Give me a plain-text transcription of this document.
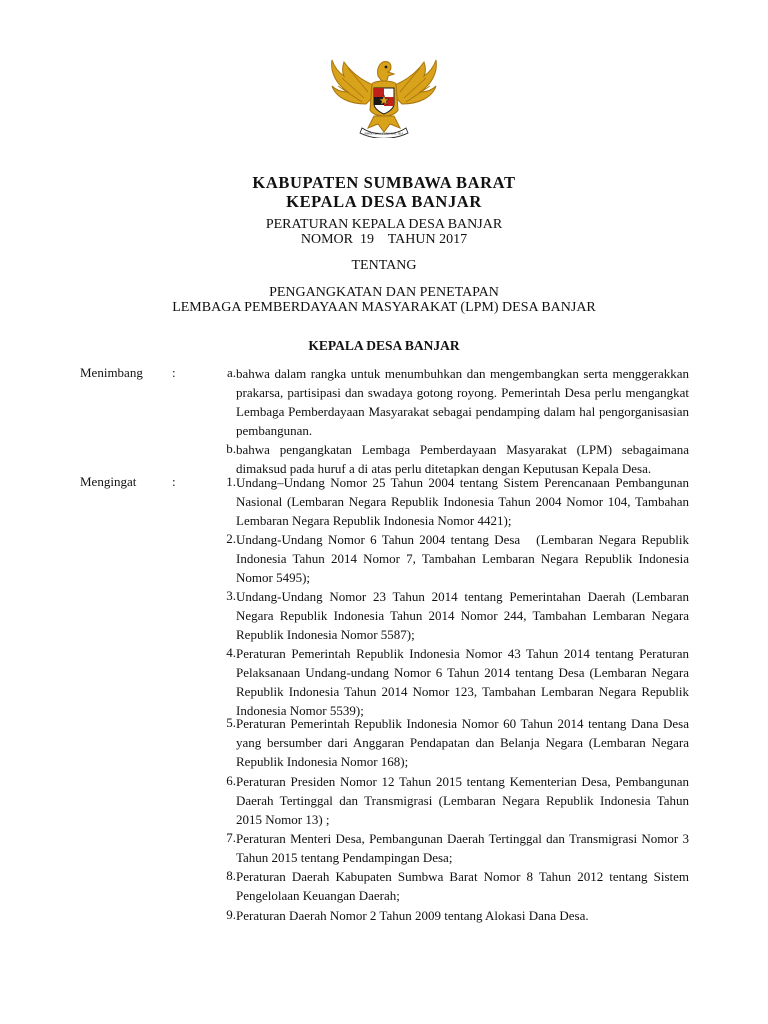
BHINNEKA TUNGGAL IKA
KABUPATEN SUMBAWA BARAT
KEPALA DESA BANJAR
PERATURAN KEPALA DESA BANJAR
NOMOR  19    TAHUN 2017
TENTANG
PENGANGKATAN DAN PENETAPAN
LEMBAGA PEMBERDAYAAN MASYARAKAT (LPM) DESA BANJAR
KEPALA DESA BANJAR
Menimbang :	a. bahwa dalam rangka untuk menumbuhkan dan mengembangkan serta menggerakkan prakarsa, partisipasi dan swadaya gotong royong. Pemerintah Desa perlu mengangkat Lembaga Pemberdayaan Masyarakat sebagai pendamping dalam hal pengorganisasian pembangunan.
b. bahwa pengangkatan Lembaga Pemberdayaan Masyarakat (LPM) sebagaimana dimaksud pada huruf a di atas perlu ditetapkan dengan Keputusan Kepala Desa.
Mengingat	:	1. Undang–Undang Nomor 25 Tahun 2004 tentang Sistem Perencanaan Pembangunan Nasional (Lembaran Negara Republik Indonesia Tahun 2004 Nomor 104, Tambahan Lembaran Negara Republik Indonesia Nomor 4421);
2. Undang-Undang Nomor 6 Tahun 2004 tentang Desa   (Lembaran Negara Republik Indonesia Tahun 2014 Nomor 7, Tambahan Lembaran Negara Republik Indonesia Nomor 5495);
3. Undang-Undang Nomor 23 Tahun 2014 tentang Pemerintahan Daerah (Lembaran Negara Republik Indonesia Tahun 2014 Nomor 244, Tambahan Lembaran Negara Republik Indonesia Nomor 5587);
4. Peraturan Pemerintah Republik Indonesia Nomor 43 Tahun 2014 tentang Peraturan Pelaksanaan Undang-undang Nomor 6 Tahun 2014 tentang Desa (Lembaran Negara Republik Indonesia Tahun 2014 Nomor 123, Tambahan Lembaran Negara Republik Indonesia Nomor 5539);
5. Peraturan Pemerintah Republik Indonesia Nomor 60 Tahun 2014 tentang Dana Desa yang bersumber dari Anggaran Pendapatan dan Belanja Negara (Lembaran Negara Republik Indonesia Nomor 168);
6. Peraturan Presiden Nomor 12 Tahun 2015 tentang Kementerian Desa, Pembangunan Daerah Tertinggal dan Transmigrasi (Lembaran Negara Republik Indonesia Tahun 2015 Nomor 13) ;
7. Peraturan Menteri Desa, Pembangunan Daerah Tertinggal dan Transmigrasi Nomor 3 Tahun 2015 tentang Pendampingan Desa;
8. Peraturan Daerah Kabupaten Sumbwa Barat Nomor 8 Tahun 2012 tentang Sistem Pengelolaan Keuangan Daerah;
9. Peraturan Daerah Nomor 2 Tahun 2009 tentang Alokasi Dana Desa.
